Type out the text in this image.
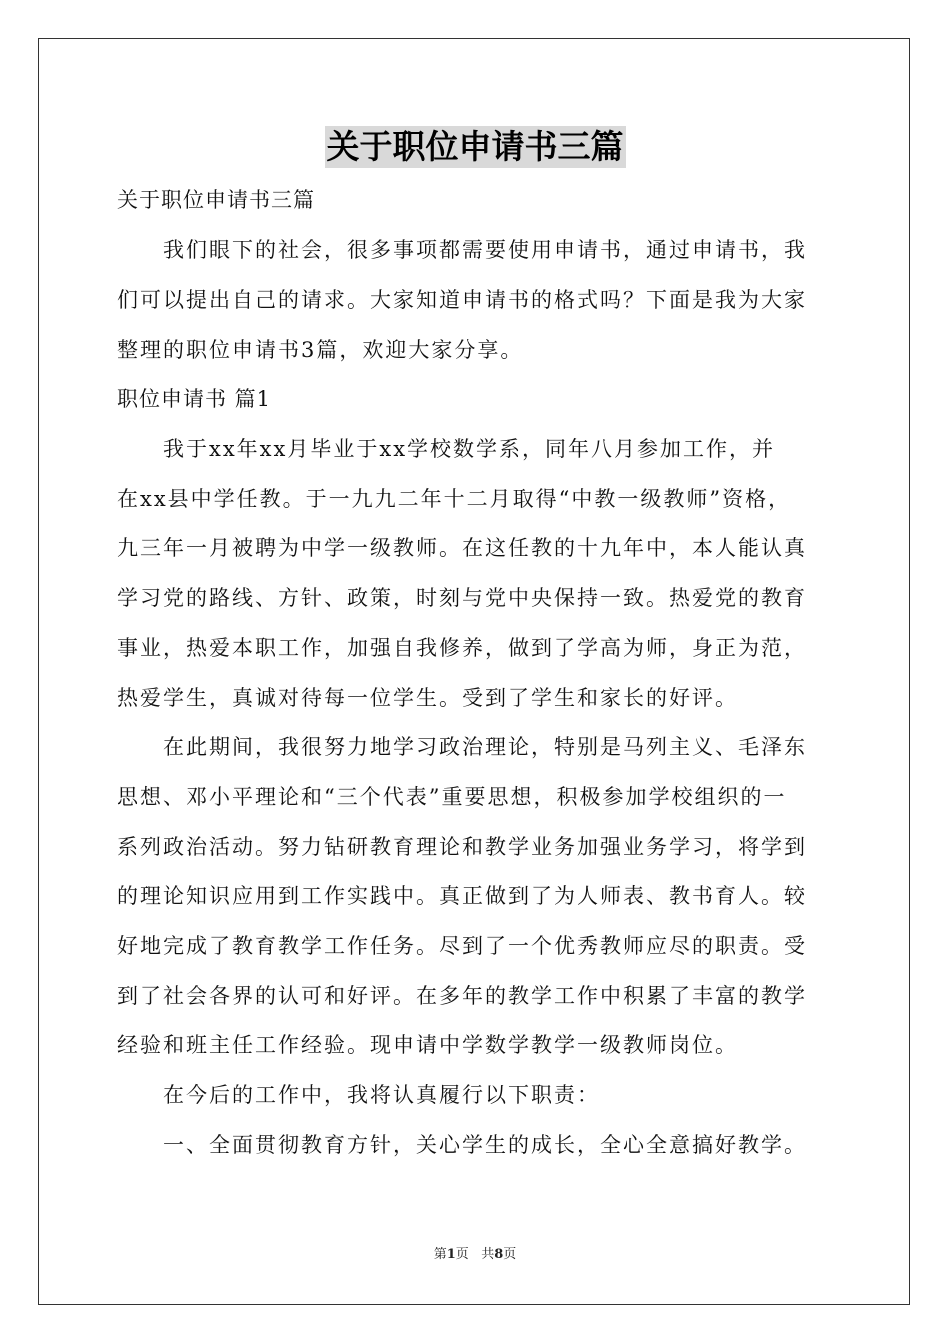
关于职位申请书三篇
关于职位申请书三篇
　　我们眼下的社会，很多事项都需要使用申请书，通过申请书，我
们可以提出自己的请求。大家知道申请书的格式吗？下面是我为大家
整理的职位申请书3篇，欢迎大家分享。
职位申请书 篇1
　　我于xx年xx月毕业于xx学校数学系，同年八月参加工作，并
在xx县中学任教。于一九九二年十二月取得“中教一级教师”资格，
九三年一月被聘为中学一级教师。在这任教的十九年中，本人能认真
学习党的路线、方针、政策，时刻与党中央保持一致。热爱党的教育
事业，热爱本职工作，加强自我修养，做到了学高为师，身正为范，
热爱学生，真诚对待每一位学生。受到了学生和家长的好评。
　　在此期间，我很努力地学习政治理论，特别是马列主义、毛泽东
思想、邓小平理论和“三个代表”重要思想，积极参加学校组织的一
系列政治活动。努力钻研教育理论和教学业务加强业务学习，将学到
的理论知识应用到工作实践中。真正做到了为人师表、教书育人。较
好地完成了教育教学工作任务。尽到了一个优秀教师应尽的职责。受
到了社会各界的认可和好评。在多年的教学工作中积累了丰富的教学
经验和班主任工作经验。现申请中学数学教学一级教师岗位。
　　在今后的工作中，我将认真履行以下职责：
　　一、全面贯彻教育方针，关心学生的成长，全心全意搞好教学。
第1页 共8页
